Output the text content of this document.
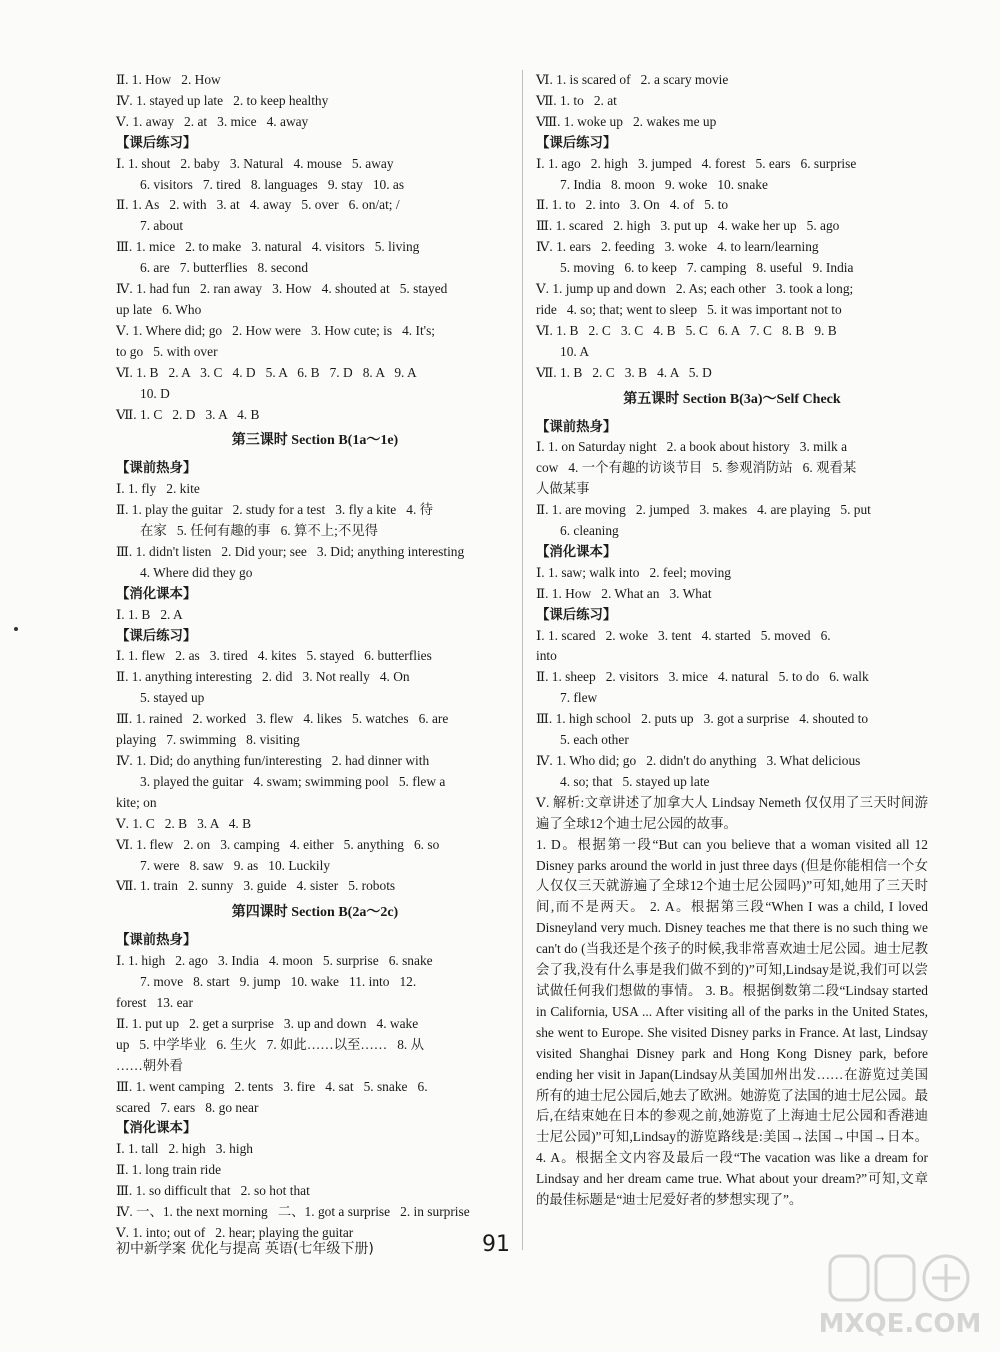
Ⅱ. 1. How   2. How
Ⅳ. 1. stayed up late   2. to keep healthy
Ⅴ. 1. away   2. at   3. mice   4. away
【课后练习】
Ⅰ. 1. shout   2. baby   3. Natural   4. mouse   5. away
6. visitors   7. tired   8. languages   9. stay   10. as
Ⅱ. 1. As   2. with   3. at   4. away   5. over   6. on/at; /
7. about
Ⅲ. 1. mice   2. to make   3. natural   4. visitors   5. living
6. are   7. butterflies   8. second
Ⅳ. 1. had fun   2. ran away   3. How   4. shouted at   5. stayed
up late   6. Who
Ⅴ. 1. Where did; go   2. How were   3. How cute; is   4. It's;
to go   5. with over
Ⅵ. 1. B   2. A   3. C   4. D   5. A   6. B   7. D   8. A   9. A
10. D
Ⅶ. 1. C   2. D   3. A   4. B
第三课时 Section B(1a～1e)
【课前热身】
Ⅰ. 1. fly   2. kite
Ⅱ. 1. play the guitar   2. study for a test   3. fly a kite   4. 待
在家   5. 任何有趣的事   6. 算不上;不见得
Ⅲ. 1. didn't listen   2. Did your; see   3. Did; anything interesting
4. Where did they go
【消化课本】
Ⅰ. 1. B   2. A
【课后练习】
Ⅰ. 1. flew   2. as   3. tired   4. kites   5. stayed   6. butterflies
Ⅱ. 1. anything interesting   2. did   3. Not really   4. On
5. stayed up
Ⅲ. 1. rained   2. worked   3. flew   4. likes   5. watches   6. are
playing   7. swimming   8. visiting
Ⅳ. 1. Did; do anything fun/interesting   2. had dinner with
3. played the guitar   4. swam; swimming pool   5. flew a
kite; on
Ⅴ. 1. C   2. B   3. A   4. B
Ⅵ. 1. flew   2. on   3. camping   4. either   5. anything   6. so
7. were   8. saw   9. as   10. Luckily
Ⅶ. 1. train   2. sunny   3. guide   4. sister   5. robots
第四课时 Section B(2a～2c)
【课前热身】
Ⅰ. 1. high   2. ago   3. India   4. moon   5. surprise   6. snake
7. move   8. start   9. jump   10. wake   11. into   12.
forest   13. ear
Ⅱ. 1. put up   2. get a surprise   3. up and down   4. wake
up   5. 中学毕业   6. 生火   7. 如此……以至……   8. 从
……朝外看
Ⅲ. 1. went camping   2. tents   3. fire   4. sat   5. snake   6.
scared   7. ears   8. go near
【消化课本】
Ⅰ. 1. tall   2. high   3. high
Ⅱ. 1. long train ride
Ⅲ. 1. so difficult that   2. so hot that
Ⅳ. 一、1. the next morning   二、1. got a surprise   2. in surprise
Ⅴ. 1. into; out of   2. hear; playing the guitar
Ⅵ. 1. is scared of   2. a scary movie
Ⅶ. 1. to   2. at
Ⅷ. 1. woke up   2. wakes me up
【课后练习】
Ⅰ. 1. ago   2. high   3. jumped   4. forest   5. ears   6. surprise
7. India   8. moon   9. woke   10. snake
Ⅱ. 1. to   2. into   3. On   4. of   5. to
Ⅲ. 1. scared   2. high   3. put up   4. wake her up   5. ago
Ⅳ. 1. ears   2. feeding   3. woke   4. to learn/learning
5. moving   6. to keep   7. camping   8. useful   9. India
Ⅴ. 1. jump up and down   2. As; each other   3. took a long;
ride   4. so; that; went to sleep   5. it was important not to
Ⅵ. 1. B   2. C   3. C   4. B   5. C   6. A   7. C   8. B   9. B
10. A
Ⅶ. 1. B   2. C   3. B   4. A   5. D
第五课时 Section B(3a)～Self Check
【课前热身】
Ⅰ. 1. on Saturday night   2. a book about history   3. milk a
cow   4. 一个有趣的访谈节目   5. 参观消防站   6. 观看某
人做某事
Ⅱ. 1. are moving   2. jumped   3. makes   4. are playing   5. put
6. cleaning
【消化课本】
Ⅰ. 1. saw; walk into   2. feel; moving
Ⅱ. 1. How   2. What an   3. What
【课后练习】
Ⅰ. 1. scared   2. woke   3. tent   4. started   5. moved   6.
into
Ⅱ. 1. sheep   2. visitors   3. mice   4. natural   5. to do   6. walk
7. flew
Ⅲ. 1. high school   2. puts up   3. got a surprise   4. shouted to
5. each other
Ⅳ. 1. Who did; go   2. didn't do anything   3. What delicious
4. so; that   5. stayed up late
Ⅴ. 解析:文章讲述了加拿大人 Lindsay Nemeth 仅仅用了三天时间游遍了全球12个迪士尼公园的故事。
1. D。根据第一段“But can you believe that a woman visited all 12 Disney parks around the world in just three days (但是你能相信一个女人仅仅三天就游遍了全球12个迪士尼公园吗)”可知,她用了三天时间,而不是两天。 2. A。根据第三段“When I was a child, I loved Disneyland very much. Disney teaches me that there is no such thing we can't do (当我还是个孩子的时候,我非常喜欢迪士尼公园。迪士尼教会了我,没有什么事是我们做不到的)”可知,Lindsay是说,我们可以尝试做任何我们想做的事情。 3. B。根据倒数第二段“Lindsay started in California, USA ... After visiting all of the parks in the United States, she went to Europe. She visited Disney parks in France. At last, Lindsay visited Shanghai Disney park and Hong Kong Disney park, before ending her visit in Japan(Lindsay从美国加州出发……在游览过美国所有的迪士尼公园后,她去了欧洲。她游览了法国的迪士尼公园。最后,在结束她在日本的参观之前,她游览了上海迪士尼公园和香港迪士尼公园)”可知,Lindsay的游览路线是:美国→法国→中国→日本。 4. A。根据全文内容及最后一段“The vacation was like a dream for Lindsay and her dream came true. What about your dream?”可知,文章的最佳标题是“迪士尼爱好者的梦想实现了”。
初中新学案 优化与提高 英语(七年级下册)	91
MXQE.COM
